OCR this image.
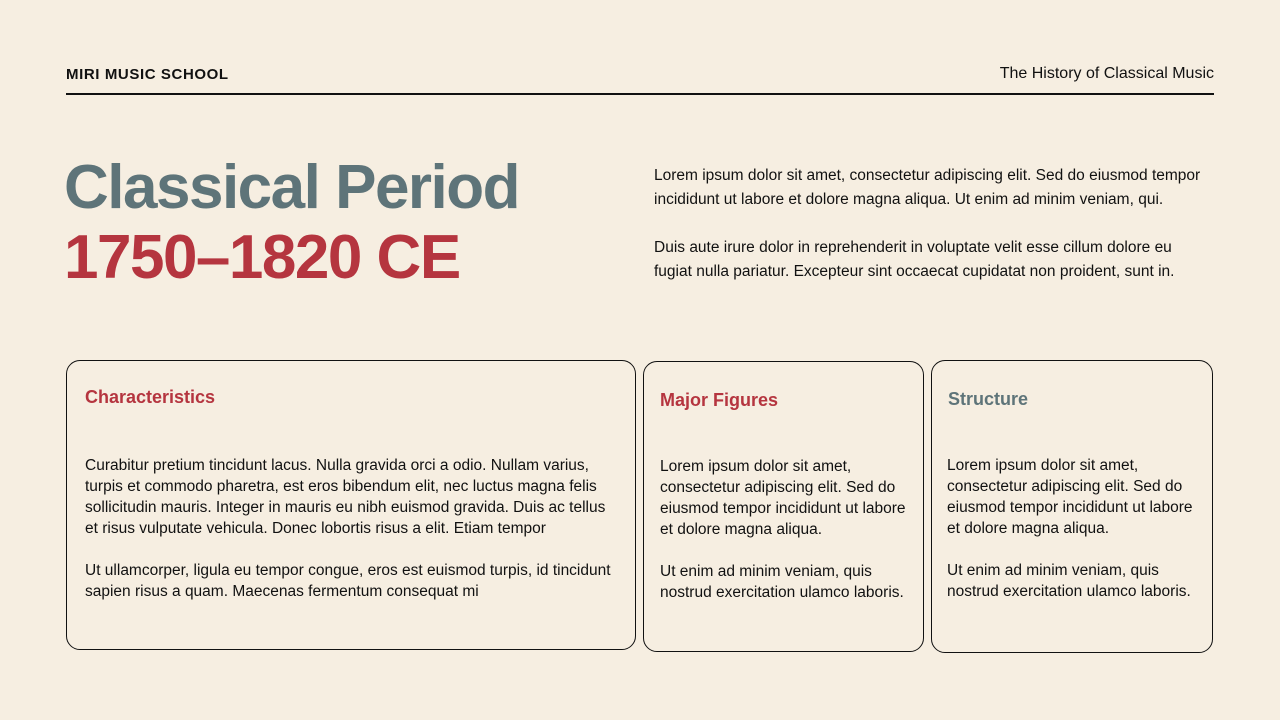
MIRI MUSIC SCHOOL	The History of Classical Music
Classical Period
1750–1820 CE

Lorem ipsum dolor sit amet, consectetur adipiscing elit. Sed do eiusmod tempor incididunt ut labore et dolore magna aliqua. Ut enim ad minim veniam, qui.

Duis aute irure dolor in reprehenderit in voluptate velit esse cillum dolore eu fugiat nulla pariatur. Excepteur sint occaecat cupidatat non proident, sunt in.

Characteristics

Curabitur pretium tincidunt lacus. Nulla gravida orci a odio. Nullam varius, turpis et commodo pharetra, est eros bibendum elit, nec luctus magna felis sollicitudin mauris. Integer in mauris eu nibh euismod gravida. Duis ac tellus et risus vulputate vehicula. Donec lobortis risus a elit. Etiam tempor

Ut ullamcorper, ligula eu tempor congue, eros est euismod turpis, id tincidunt sapien risus a quam. Maecenas fermentum consequat mi

Major Figures

Lorem ipsum dolor sit amet, consectetur adipiscing elit. Sed do eiusmod tempor incididunt ut labore et dolore magna aliqua.

Ut enim ad minim veniam, quis nostrud exercitation ulamco laboris.

Structure

Lorem ipsum dolor sit amet, consectetur adipiscing elit. Sed do eiusmod tempor incididunt ut labore et dolore magna aliqua.

Ut enim ad minim veniam, quis nostrud exercitation ulamco laboris.
